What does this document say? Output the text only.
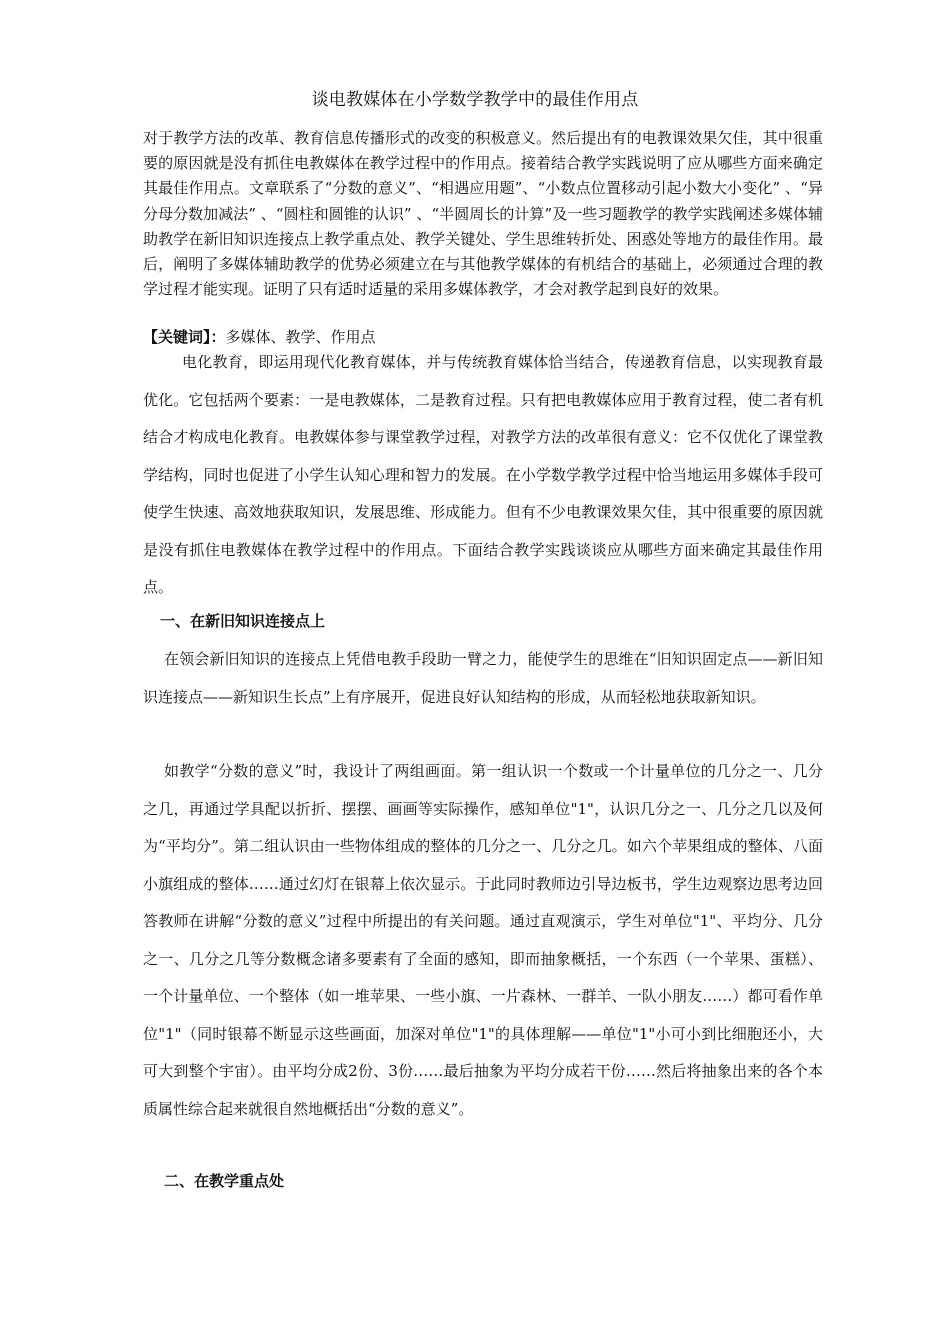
谈电教媒体在小学数学教学中的最佳作用点

对于教学方法的改革、教育信息传播形式的改变的积极意义。然后提出有的电教课效果欠佳，其中很重要的原因就是没有抓住电教媒体在教学过程中的作用点。接着结合教学实践说明了应从哪些方面来确定其最佳作用点。文章联系了“分数的意义”、“相遇应用题”、“小数点位置移动引起小数大小变化” 、“异分母分数加减法” 、“圆柱和圆锥的认识” 、“半圆周长的计算”及一些习题教学的教学实践阐述多媒体辅助教学在新旧知识连接点上教学重点处、教学关键处、学生思维转折处、困惑处等地方的最佳作用。最后，阐明了多媒体辅助教学的优势必须建立在与其他教学媒体的有机结合的基础上，必须通过合理的教学过程才能实现。证明了只有适时适量的采用多媒体教学，才会对教学起到良好的效果。

【关键词】：多媒体、教学、作用点

电化教育，即运用现代化教育媒体，并与传统教育媒体恰当结合，传递教育信息，以实现教育最优化。它包括两个要素：一是电教媒体，二是教育过程。只有把电教媒体应用于教育过程，使二者有机结合才构成电化教育。电教媒体参与课堂教学过程，对教学方法的改革很有意义：它不仅优化了课堂教学结构，同时也促进了小学生认知心理和智力的发展。在小学数学教学过程中恰当地运用多媒体手段可使学生快速、高效地获取知识，发展思维、形成能力。但有不少电教课效果欠佳，其中很重要的原因就是没有抓住电教媒体在教学过程中的作用点。下面结合教学实践谈谈应从哪些方面来确定其最佳作用点。

一、在新旧知识连接点上

在领会新旧知识的连接点上凭借电教手段助一臂之力，能使学生的思维在“旧知识固定点——新旧知识连接点——新知识生长点”上有序展开，促进良好认知结构的形成，从而轻松地获取新知识。

如教学“分数的意义”时，我设计了两组画面。第一组认识一个数或一个计量单位的几分之一、几分之几，再通过学具配以折折、摆摆、画画等实际操作，感知单位"1"，认识几分之一、几分之几以及何为“平均分”。第二组认识由一些物体组成的整体的几分之一、几分之几。如六个苹果组成的整体、八面小旗组成的整体……通过幻灯在银幕上依次显示。于此同时教师边引导边板书，学生边观察边思考边回答教师在讲解“分数的意义”过程中所提出的有关问题。通过直观演示，学生对单位"1"、平均分、几分之一、几分之几等分数概念诸多要素有了全面的感知，即而抽象概括，一个东西（一个苹果、蛋糕）、一个计量单位、一个整体（如一堆苹果、一些小旗、一片森林、一群羊、一队小朋友……）都可看作单位"1"（同时银幕不断显示这些画面，加深对单位"1"的具体理解——单位"1"小可小到比细胞还小，大可大到整个宇宙）。由平均分成2份、3份……最后抽象为平均分成若干份……然后将抽象出来的各个本质属性综合起来就很自然地概括出“分数的意义”。

二、在教学重点处
